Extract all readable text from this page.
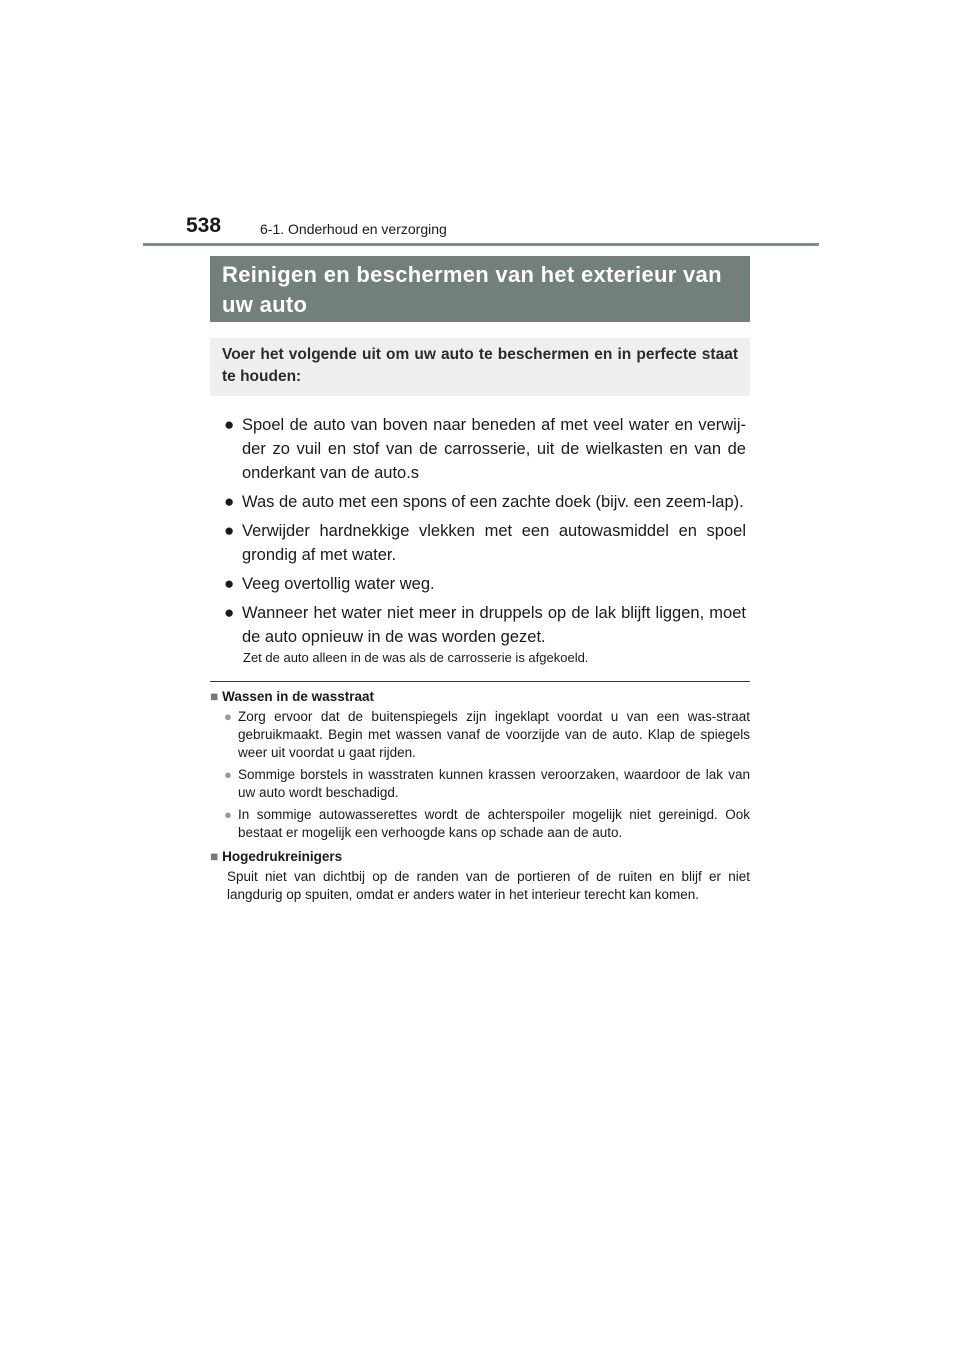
538	6-1. Onderhoud en verzorging
Reinigen en beschermen van het exterieur van uw auto
Voer het volgende uit om uw auto te beschermen en in perfecte staat te houden:
● Spoel de auto van boven naar beneden af met veel water en verwij-der zo vuil en stof van de carrosserie, uit de wielkasten en van de onderkant van de auto.s
● Was de auto met een spons of een zachte doek (bijv. een zeem-lap).
● Verwijder hardnekkige vlekken met een autowasmiddel en spoel grondig af met water.
● Veeg overtollig water weg.
● Wanneer het water niet meer in druppels op de lak blijft liggen, moet de auto opnieuw in de was worden gezet.
Zet de auto alleen in de was als de carrosserie is afgekoeld.
■ Wassen in de wasstraat
● Zorg ervoor dat de buitenspiegels zijn ingeklapt voordat u van een was-straat gebruikmaakt. Begin met wassen vanaf de voorzijde van de auto. Klap de spiegels weer uit voordat u gaat rijden.
● Sommige borstels in wasstraten kunnen krassen veroorzaken, waardoor de lak van uw auto wordt beschadigd.
● In sommige autowasserettes wordt de achterspoiler mogelijk niet gereinigd. Ook bestaat er mogelijk een verhoogde kans op schade aan de auto.
■ Hogedrukreinigers
Spuit niet van dichtbij op de randen van de portieren of de ruiten en blijf er niet langdurig op spuiten, omdat er anders water in het interieur terecht kan komen.
